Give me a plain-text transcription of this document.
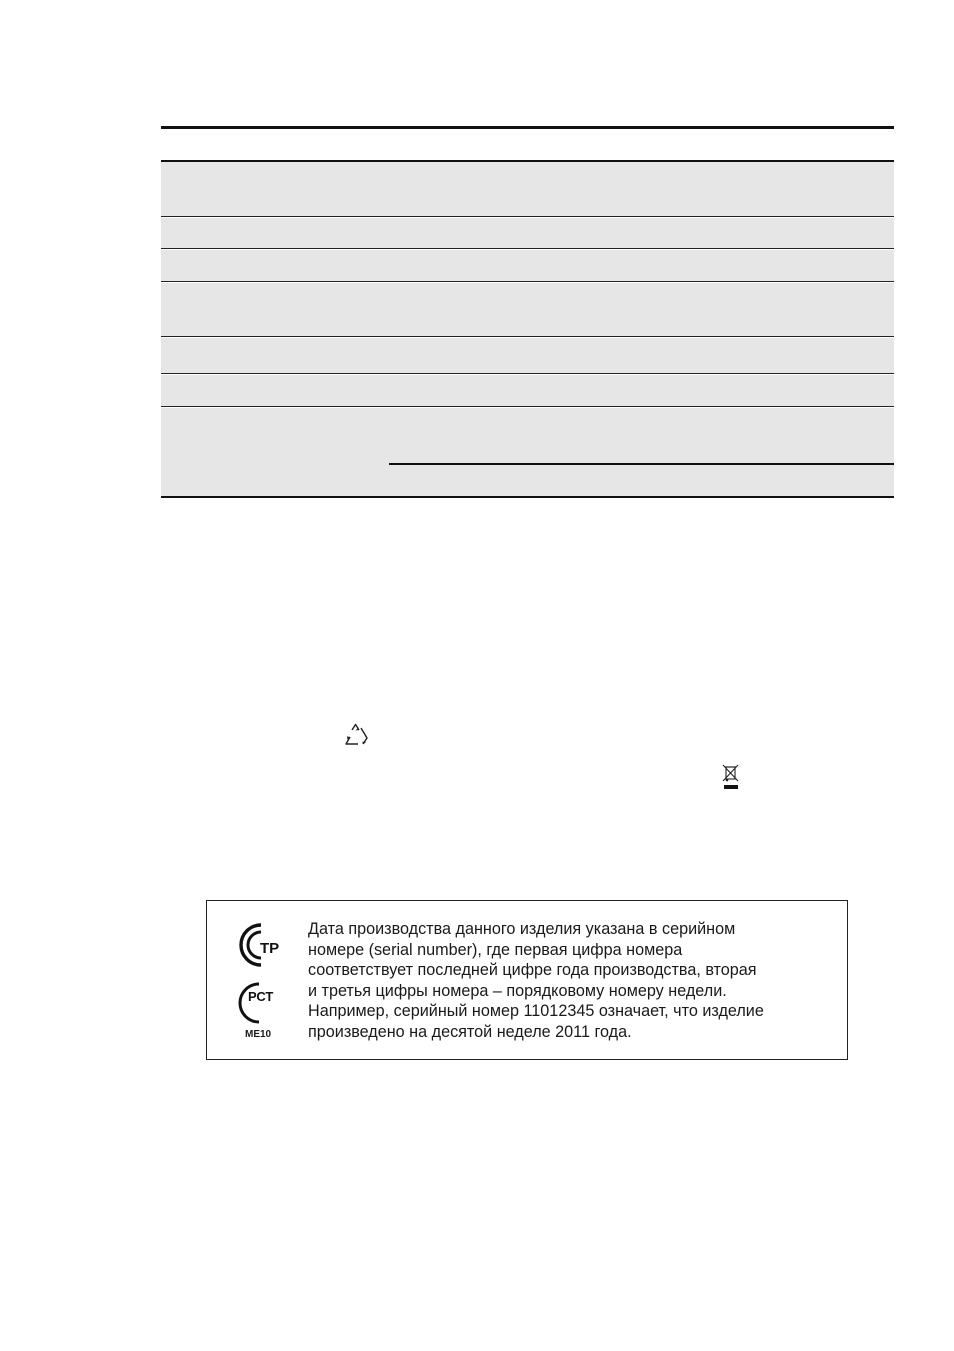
ТР
РСТ
ME10

Дата производства данного изделия указана в серийном
номере (serial number), где первая цифра номера
соответствует последней цифре года производства, вторая
и третья цифры номера – порядковому номеру недели.
Например, серийный номер 11012345 означает, что изделие
произведено на десятой неделе 2011 года.
